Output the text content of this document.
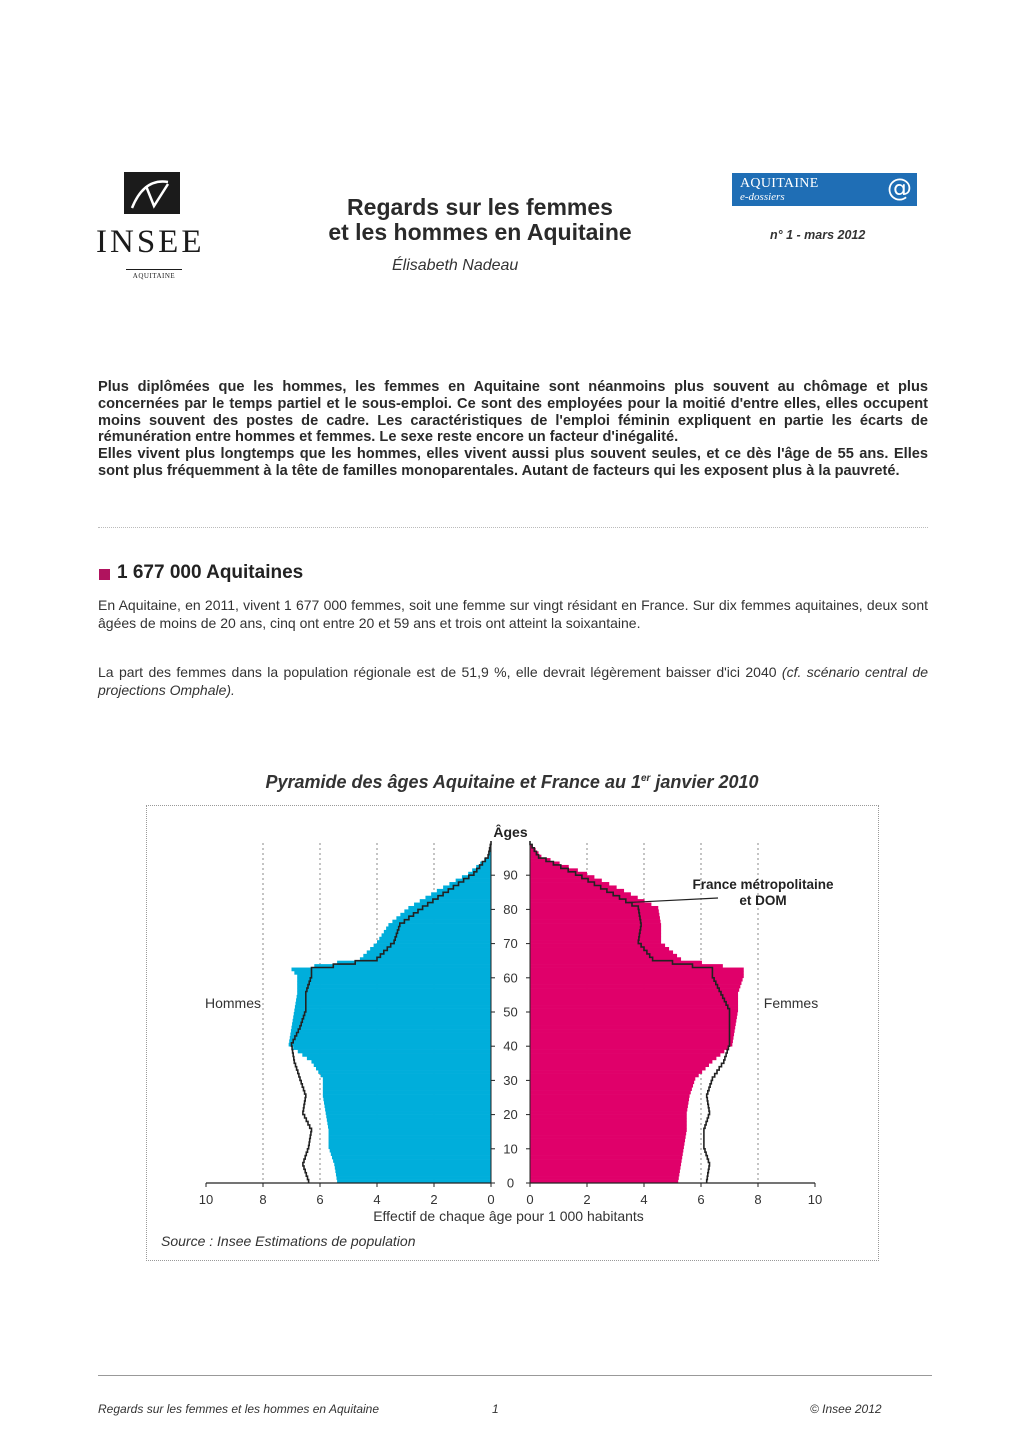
INSEE
AQUITAINE
Regards sur les femmes
et les hommes en Aquitaine
Élisabeth Nadeau
AQUITAINE
e-dossiers	@
n° 1 - mars 2012

Plus diplômées que les hommes, les femmes en Aquitaine sont néanmoins plus souvent au chômage et plus concernées par le temps partiel et le sous-emploi. Ce sont des employées pour la moitié d'entre elles, elles occupent moins souvent des postes de cadre. Les caractéristiques de l'emploi féminin expliquent en partie les écarts de rémunération entre hommes et femmes. Le sexe reste encore un facteur d'inégalité.

Elles vivent plus longtemps que les hommes, elles vivent aussi plus souvent seules, et ce dès l'âge de 55 ans. Elles sont plus fréquemment à la tête de familles monoparentales. Autant de facteurs qui les exposent plus à la pauvreté.

1 677 000 Aquitaines

En Aquitaine, en 2011, vivent 1 677 000 femmes, soit une femme sur vingt résidant en France. Sur dix femmes aquitaines, deux sont âgées de moins de 20 ans, cinq ont entre 20 et 59 ans et trois ont atteint la soixantaine.

La part des femmes dans la population régionale est de 51,9 %, elle devrait légèrement baisser d'ici 2040 (cf. scénario central de projections Omphale).

Pyramide des âges Aquitaine et France au 1er janvier 2010
0
10
20
30
40
50
60
70
80
90
Âges
10	8	6	4	2	0 0	2	4	6	8	10
Effectif de chaque âge pour 1 000 habitants
Hommes	Femmes
France métropolitaine
et DOM
Source : Insee Estimations de population
Regards sur les femmes et les hommes en Aquitaine	1	© Insee 2012
